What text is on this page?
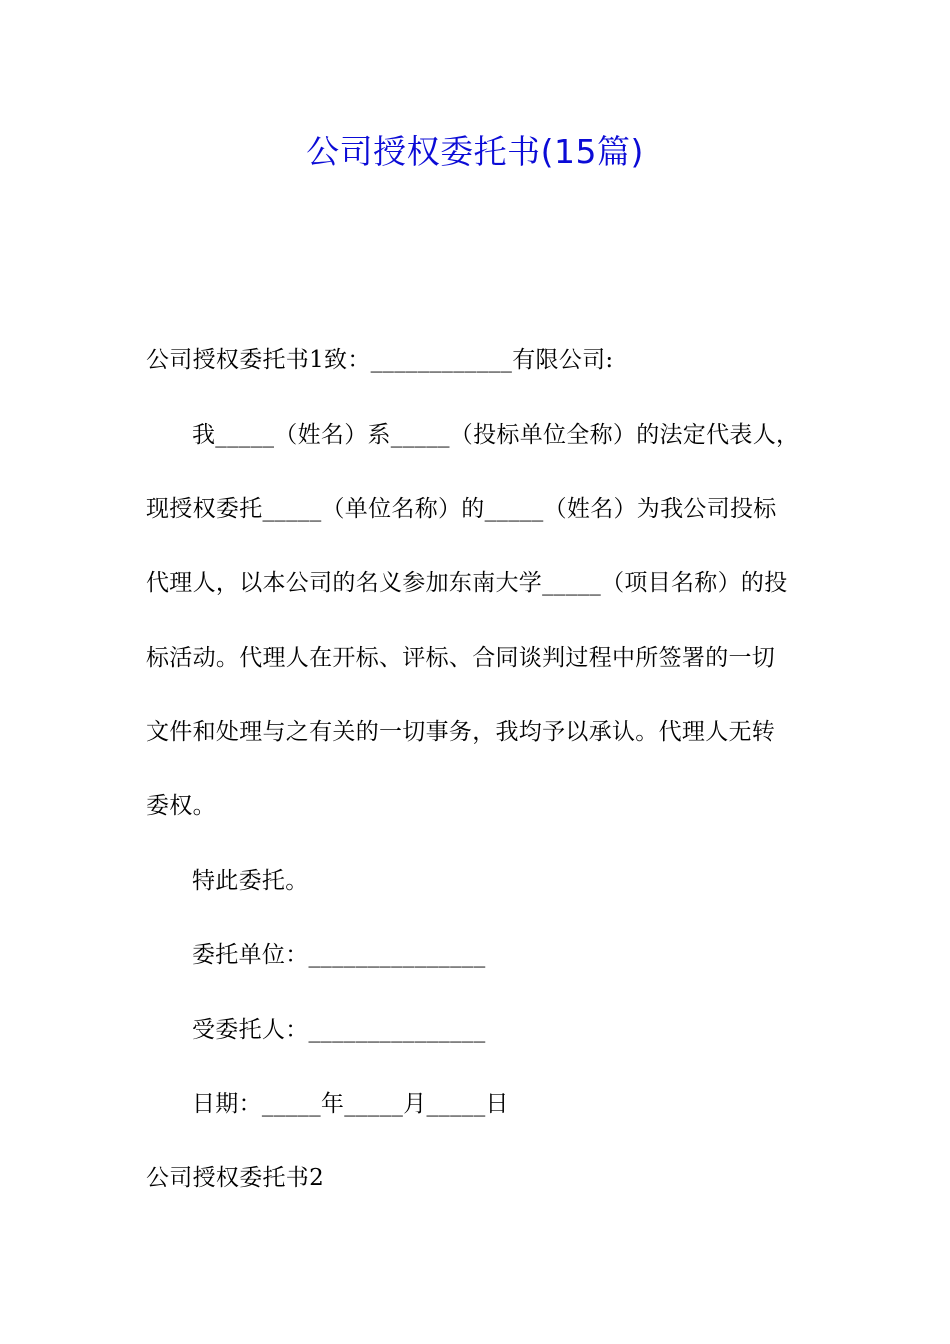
公司授权委托书(15篇)
公司授权委托书1致：____________有限公司:
我_____（姓名）系_____（投标单位全称）的法定代表人，
现授权委托_____（单位名称）的_____（姓名）为我公司投标
代理人，以本公司的名义参加东南大学_____（项目名称）的投
标活动。代理人在开标、评标、合同谈判过程中所签署的一切
文件和处理与之有关的一切事务，我均予以承认。代理人无转
委权。
特此委托。
委托单位：_______________
受委托人：_______________
日期：_____年_____月_____日
公司授权委托书2
